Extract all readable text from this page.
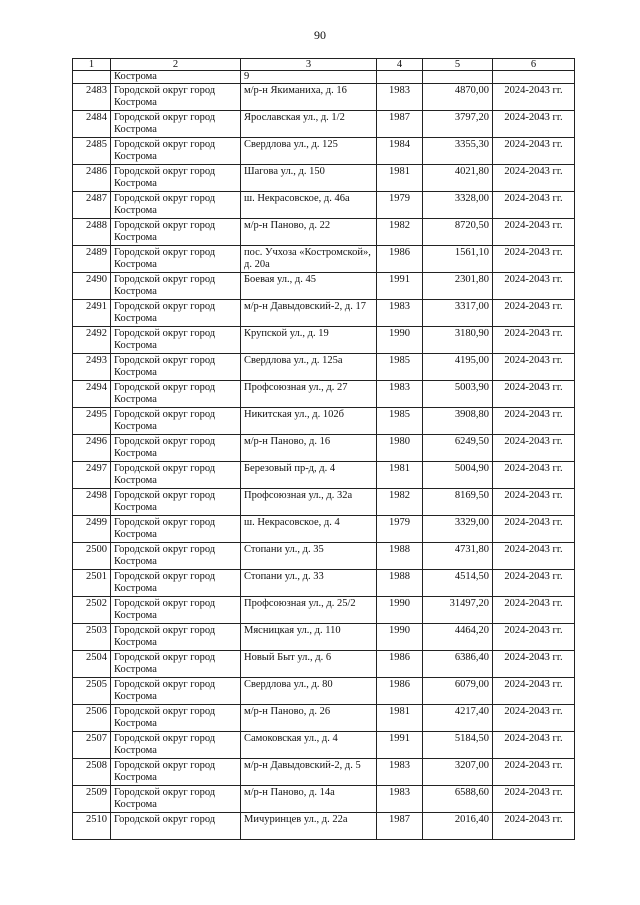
90
1	2	3	4	5	6
	Кострома	9			
2483	Городской округ город Кострома	м/р-н Якиманиха, д. 16	1983	4870,00	2024-2043 гг.
2484	Городской округ город Кострома	Ярославская ул., д. 1/2	1987	3797,20	2024-2043 гг.
2485	Городской округ город Кострома	Свердлова ул., д. 125	1984	3355,30	2024-2043 гг.
2486	Городской округ город Кострома	Шагова ул., д. 150	1981	4021,80	2024-2043 гг.
2487	Городской округ город Кострома	ш. Некрасовское, д. 46а	1979	3328,00	2024-2043 гг.
2488	Городской округ город Кострома	м/р-н Паново, д. 22	1982	8720,50	2024-2043 гг.
2489	Городской округ город Кострома	пос. Учхоза «Костромской», д. 20а	1986	1561,10	2024-2043 гг.
2490	Городской округ город Кострома	Боевая ул., д. 45	1991	2301,80	2024-2043 гг.
2491	Городской округ город Кострома	м/р-н Давыдовский-2, д. 17	1983	3317,00	2024-2043 гг.
2492	Городской округ город Кострома	Крупской ул., д. 19	1990	3180,90	2024-2043 гг.
2493	Городской округ город Кострома	Свердлова ул., д. 125а	1985	4195,00	2024-2043 гг.
2494	Городской округ город Кострома	Профсоюзная ул., д. 27	1983	5003,90	2024-2043 гг.
2495	Городской округ город Кострома	Никитская ул., д. 102б	1985	3908,80	2024-2043 гг.
2496	Городской округ город Кострома	м/р-н Паново, д. 16	1980	6249,50	2024-2043 гг.
2497	Городской округ город Кострома	Березовый пр-д, д. 4	1981	5004,90	2024-2043 гг.
2498	Городской округ город Кострома	Профсоюзная ул., д. 32а	1982	8169,50	2024-2043 гг.
2499	Городской округ город Кострома	ш. Некрасовское, д. 4	1979	3329,00	2024-2043 гг.
2500	Городской округ город Кострома	Стопани ул., д. 35	1988	4731,80	2024-2043 гг.
2501	Городской округ город Кострома	Стопани ул., д. 33	1988	4514,50	2024-2043 гг.
2502	Городской округ город Кострома	Профсоюзная ул., д. 25/2	1990	31497,20	2024-2043 гг.
2503	Городской округ город Кострома	Мясницкая ул., д. 110	1990	4464,20	2024-2043 гг.
2504	Городской округ город Кострома	Новый Быт ул., д. 6	1986	6386,40	2024-2043 гг.
2505	Городской округ город Кострома	Свердлова ул., д. 80	1986	6079,00	2024-2043 гг.
2506	Городской округ город Кострома	м/р-н Паново, д. 26	1981	4217,40	2024-2043 гг.
2507	Городской округ город Кострома	Самоковская ул., д. 4	1991	5184,50	2024-2043 гг.
2508	Городской округ город Кострома	м/р-н Давыдовский-2, д. 5	1983	3207,00	2024-2043 гг.
2509	Городской округ город Кострома	м/р-н Паново, д. 14а	1983	6588,60	2024-2043 гг.
2510	Городской округ город	Мичуринцев ул., д. 22а	1987	2016,40	2024-2043 гг.
